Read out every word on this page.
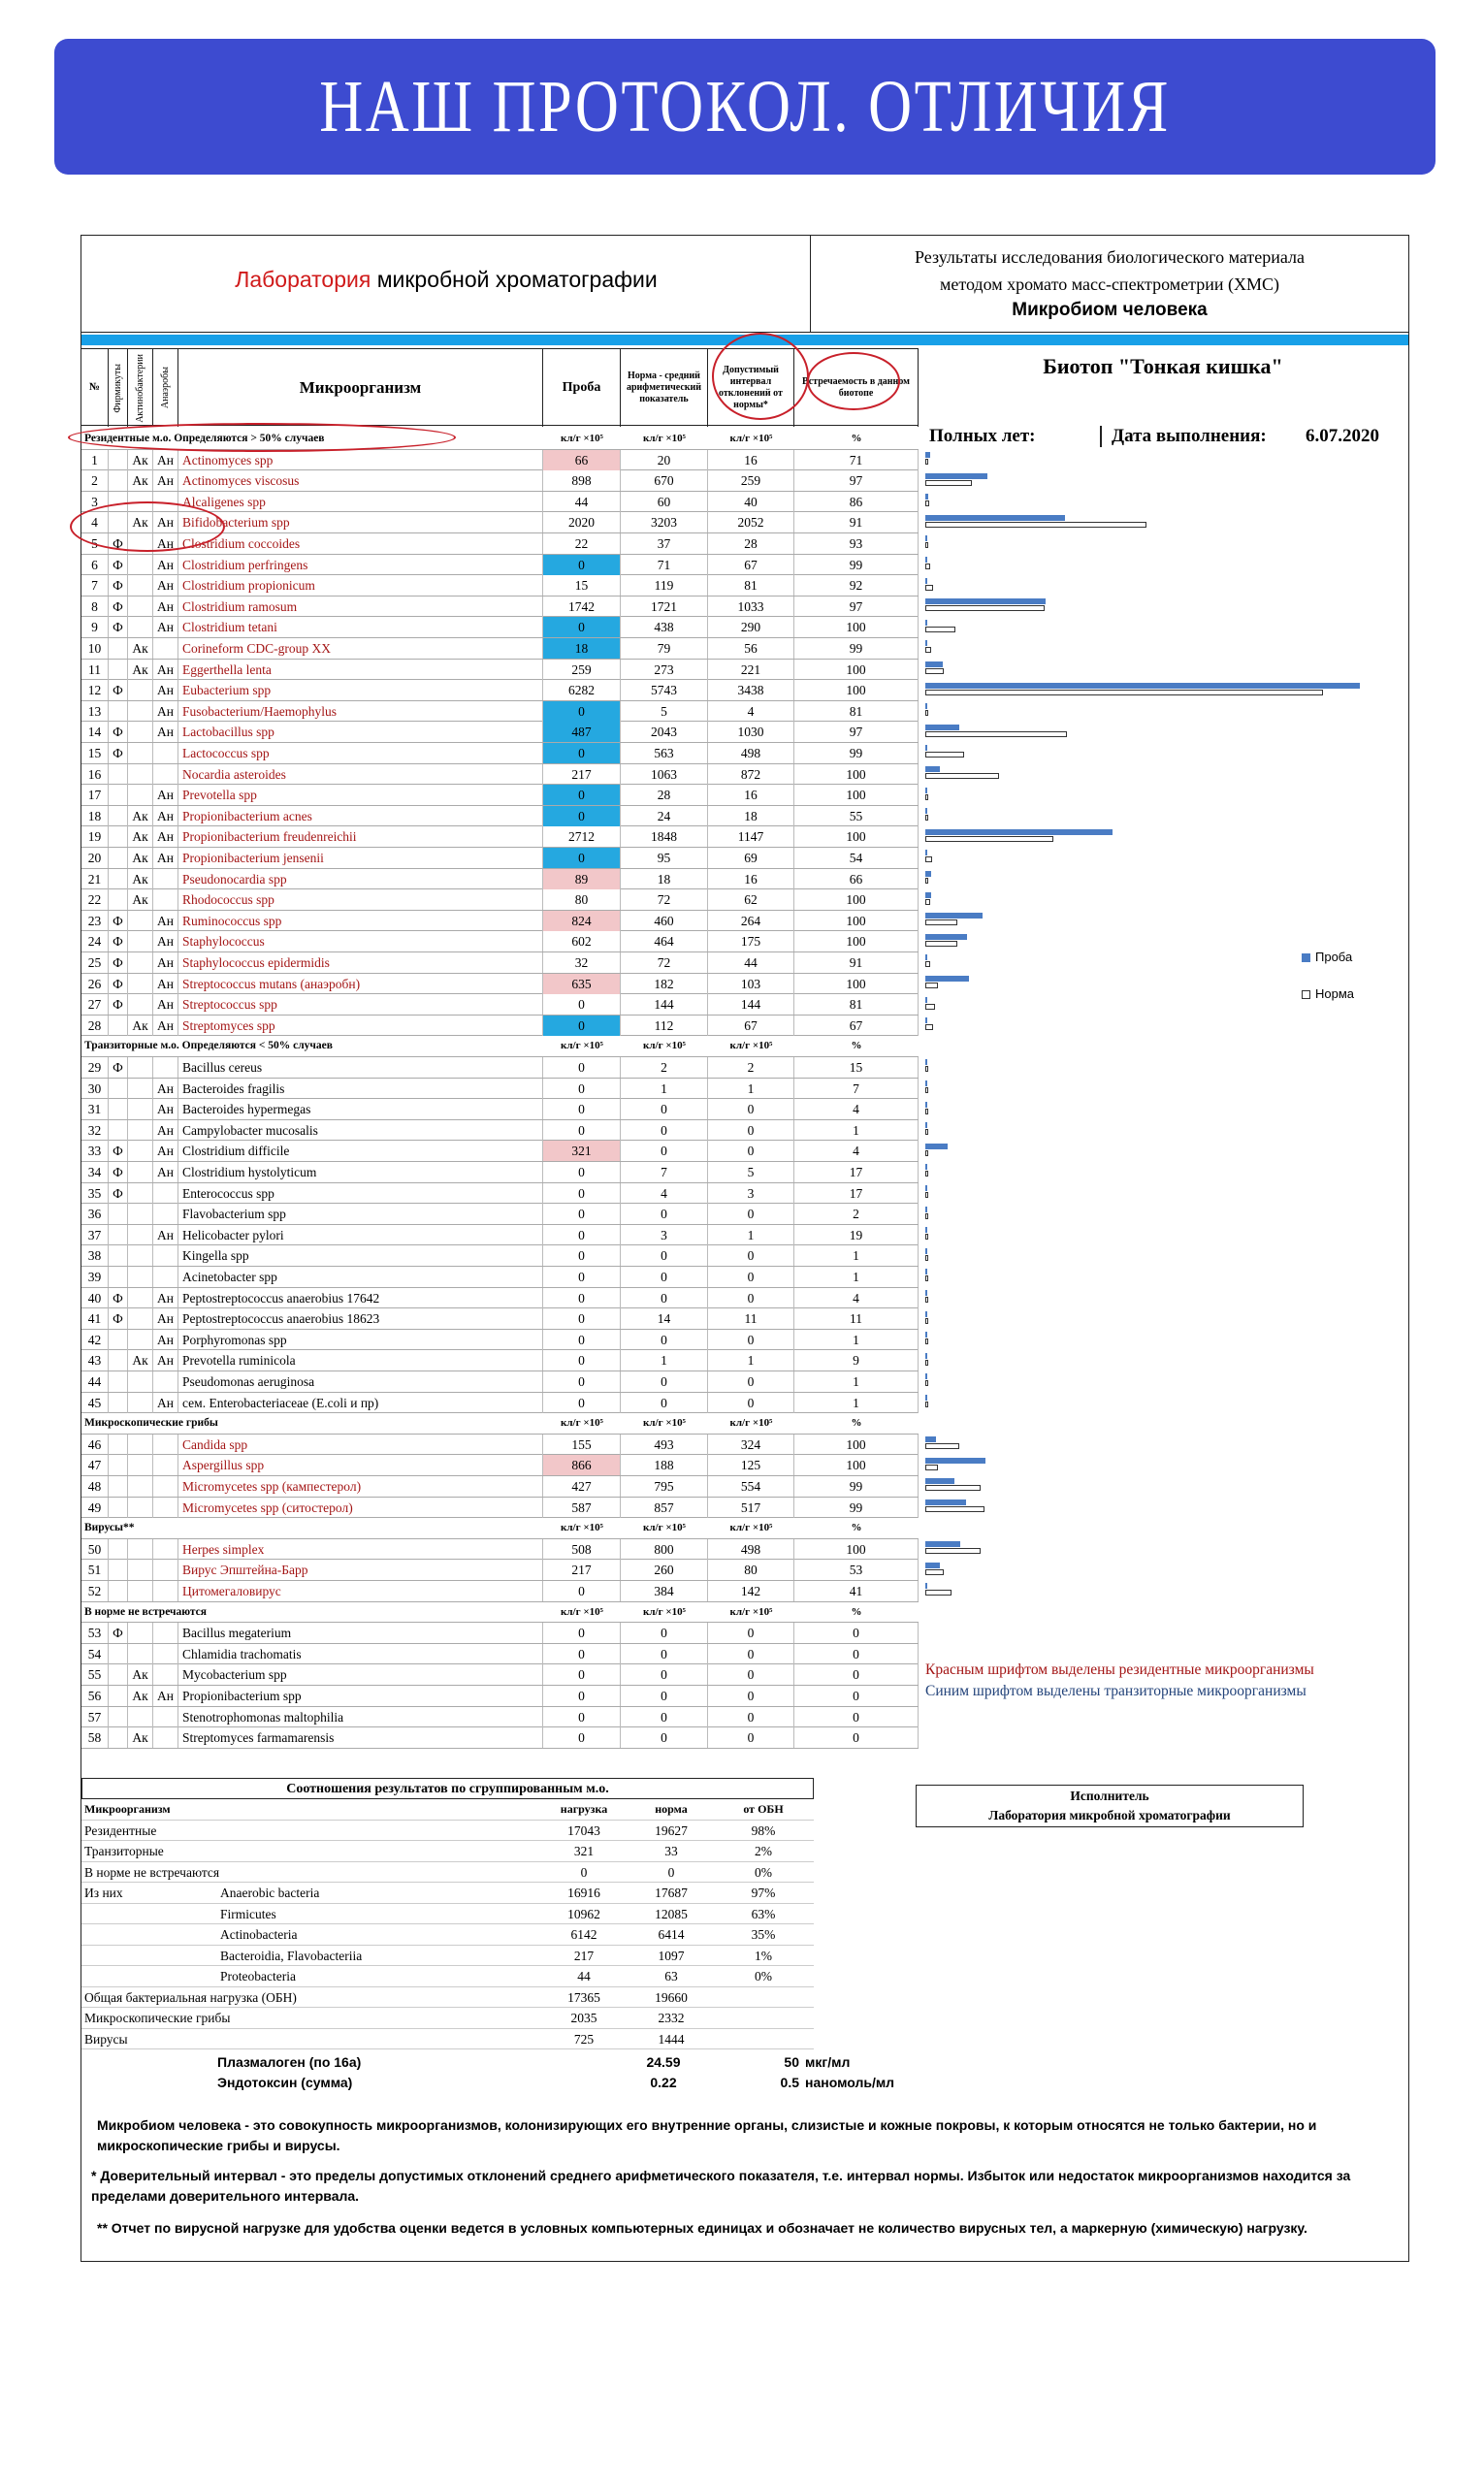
НАШ ПРОТОКОЛ. ОТЛИЧИЯ
Лаборатория микробной хроматографии
Результаты исследования биологического материала
методом хромато масс-спектрометрии (ХМС)
Микробиом человека
№	Фирмикуты Актинобактерии Анаэробы	Микроорганизм	Проба
Норма - средний арифметический показатель
Допустимый интервал отклонений от нормы*
Встречаемость в данном биотопе
Биотоп "Тонкая кишка"
Полных лет:	Дата выполнения: 6.07.2020
Резидентные м.о. Определяются > 50% случаев	кл/г ×10⁵	кл/г ×10⁵	кл/г ×10⁵	%
1	Ак Ан Actinomyces spp	66	20	16	71
2	Ак Ан Actinomyces viscosus	898	670	259	97
3	Alcaligenes spp	44	60	40	86
4	Ак Ан Bifidobacterium spp	2020	3203	2052	91
5	Ф	Ан Clostridium coccoides	22	37	28	93
6	Ф	Ан Clostridium perfringens	0	71	67	99
7	Ф	Ан Clostridium propionicum	15	119	81	92
8	Ф	Ан Clostridium ramosum	1742	1721	1033	97
9	Ф	Ан Clostridium tetani	0	438	290	100
10	Ак	Corineform CDC-group XX	18	79	56	99
11	Ак Ан Eggerthella lenta	259	273	221	100
12 Ф	Ан Eubacterium spp	6282	5743	3438	100
13	Ан Fusobacterium/Haemophylus	0	5	4	81
14 Ф	Ан Lactobacillus spp	487	2043	1030	97
15 Ф	Lactococcus spp	0	563	498	99
16	Nocardia asteroides	217	1063	872	100
17	Ан Prevotella spp	0	28	16	100
18	Ак Ан Propionibacterium acnes	0	24	18	55
19	Ак Ан Propionibacterium freudenreichii	2712	1848	1147	100
20	Ак Ан Propionibacterium jensenii	0	95	69	54
21	Ак	Pseudonocardia spp	89	18	16	66
22	Ак	Rhodococcus spp	80	72	62	100
23 Ф	Ан Ruminococcus spp	824	460	264	100
24 Ф	Ан Staphylococcus	602	464	175	100
25 Ф	Ан Staphylococcus epidermidis	32	72	44	91
26 Ф	Ан Streptococcus mutans (анаэробн)	635	182	103	100
27 Ф	Ан Streptococcus spp	0	144	144	81
28	Ак Ан Streptomyces spp	0	112	67	67
Транзиторные м.о. Определяются < 50% случаев	кл/г ×10⁵	кл/г ×10⁵	кл/г ×10⁵	%
29 Ф	Bacillus cereus	0	2	2	15
30	Ан Bacteroides fragilis	0	1	1	7
31	Ан Bacteroides hypermegas	0	0	0	4
32	Ан Campylobacter mucosalis	0	0	0	1
33 Ф	Ан Clostridium difficile	321	0	0	4
34 Ф	Ан Clostridium hystolyticum	0	7	5	17
35 Ф	Enterococcus spp	0	4	3	17
36	Flavobacterium spp	0	0	0	2
37	Ан Helicobacter pylori	0	3	1	19
38	Kingella spp	0	0	0	1
39	Acinetobacter spp	0	0	0	1
40 Ф	Ан Peptostreptococcus anaerobius 17642	0	0	0	4
41 Ф	Ан Peptostreptococcus anaerobius 18623	0	14	11	11
42	Ан Porphyromonas spp	0	0	0	1
43	Ак Ан Prevotella ruminicola	0	1	1	9
44	Pseudomonas aeruginosa	0	0	0	1
45	Ан сем. Enterobacteriaceae (E.coli и пр)	0	0	0	1
Микроскопические грибы	кл/г ×10⁵	кл/г ×10⁵	кл/г ×10⁵	%
46	Candida spp	155	493	324	100
47	Aspergillus spp	866	188	125	100
48	Micromycetes spp (кампестерол)	427	795	554	99
49	Micromycetes spp (ситостерол)	587	857	517	99
Вирусы**	кл/г ×10⁵	кл/г ×10⁵	кл/г ×10⁵	%
50	Herpes simplex	508	800	498	100
51	Вирус Эпштейна-Барр	217	260	80	53
52	Цитомегаловирус	0	384	142	41
В норме не встречаются	кл/г ×10⁵	кл/г ×10⁵	кл/г ×10⁵	%
53 Ф	Bacillus megaterium	0	0	0	0
54	Chlamidia trachomatis	0	0	0	0
55	Ак	Mycobacterium spp	0	0	0	0
56	Ак Ан Propionibacterium spp	0	0	0	0
57	Stenotrophomonas maltophilia	0	0	0	0
58	Ак	Streptomyces farmamarensis	0	0	0	0
Проба
Норма
Красным шрифтом выделены резидентные микроорганизмы
Синим шрифтом выделены транзиторные микроорганизмы
Соотношения результатов по сгруппированным м.о.
Микроорганизм	нагрузка	норма	от ОБН
Резидентные	17043	19627	98%
Транзиторные	321	33	2%
В норме не встречаются	0	0	0%
Из них	Anaerobic bacteria	16916	17687	97%
Firmicutes	10962	12085	63%
Actinobacteria	6142	6414	35%
Bacteroidia, Flavobacteriia	217	1097	1%
Proteobacteria	44	63	0%
Общая бактериальная нагрузка (ОБН)	17365	19660
Микроскопические грибы	2035	2332
Вирусы	725	1444
Плазмалоген (по 16а)	24.59	50 мкг/мл
Эндотоксин (сумма)	0.22	0.5 наномоль/мл
Исполнитель
Лаборатория микробной хроматографии
Микробиом человека - это совокупность микроорганизмов, колонизирующих его внутренние органы, слизистые и кожные покровы, к которым относятся не только бактерии, но и микроскопические грибы и вирусы.
* Доверительный интервал - это пределы допустимых отклонений среднего арифметического показателя, т.е. интервал нормы. Избыток или недостаток микроорганизмов находится за пределами доверительного интервала.
** Отчет по вирусной нагрузке для удобства оценки ведется в условных компьютерных единицах и обозначает не количество вирусных тел, а маркерную (химическую) нагрузку.
